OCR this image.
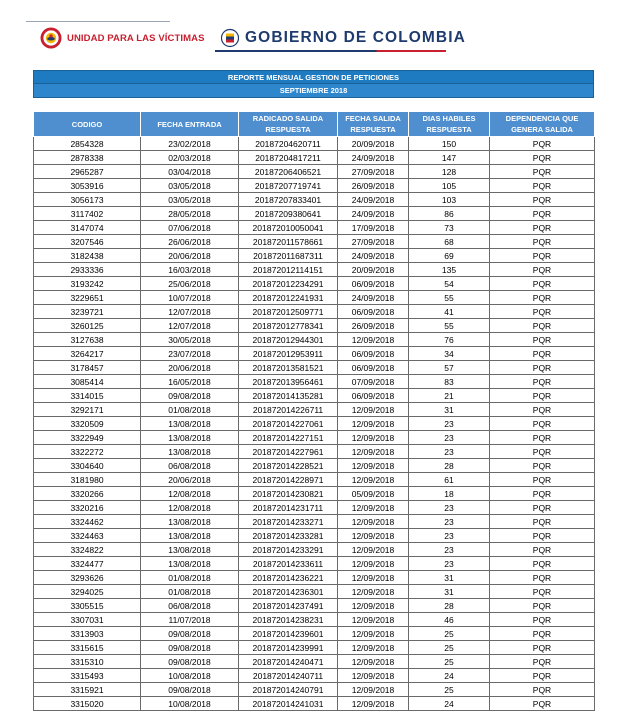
UNIDAD PARA LAS VÍCTIMAS	GOBIERNO DE COLOMBIA
REPORTE MENSUAL GESTION DE PETICIONES
SEPTIEMBRE 2018
CODIGO	FECHA ENTRADA	RADICADO SALIDA RESPUESTA	FECHA SALIDA RESPUESTA	DIAS HABILES RESPUESTA	DEPENDENCIA QUE GENERA SALIDA
2854328	23/02/2018	20187204620711	20/09/2018	150	PQR
2878338	02/03/2018	20187204817211	24/09/2018	147	PQR
2965287	03/04/2018	20187206406521	27/09/2018	128	PQR
3053916	03/05/2018	20187207719741	26/09/2018	105	PQR
3056173	03/05/2018	20187207833401	24/09/2018	103	PQR
3117402	28/05/2018	20187209380641	24/09/2018	86	PQR
3147074	07/06/2018	201872010050041	17/09/2018	73	PQR
3207546	26/06/2018	201872011578661	27/09/2018	68	PQR
3182438	20/06/2018	201872011687311	24/09/2018	69	PQR
2933336	16/03/2018	201872012114151	20/09/2018	135	PQR
3193242	25/06/2018	201872012234291	06/09/2018	54	PQR
3229651	10/07/2018	201872012241931	24/09/2018	55	PQR
3239721	12/07/2018	201872012509771	06/09/2018	41	PQR
3260125	12/07/2018	201872012778341	26/09/2018	55	PQR
3127638	30/05/2018	201872012944301	12/09/2018	76	PQR
3264217	23/07/2018	201872012953911	06/09/2018	34	PQR
3178457	20/06/2018	201872013581521	06/09/2018	57	PQR
3085414	16/05/2018	201872013956461	07/09/2018	83	PQR
3314015	09/08/2018	201872014135281	06/09/2018	21	PQR
3292171	01/08/2018	201872014226711	12/09/2018	31	PQR
3320509	13/08/2018	201872014227061	12/09/2018	23	PQR
3322949	13/08/2018	201872014227151	12/09/2018	23	PQR
3322272	13/08/2018	201872014227961	12/09/2018	23	PQR
3304640	06/08/2018	201872014228521	12/09/2018	28	PQR
3181980	20/06/2018	201872014228971	12/09/2018	61	PQR
3320266	12/08/2018	201872014230821	05/09/2018	18	PQR
3320216	12/08/2018	201872014231711	12/09/2018	23	PQR
3324462	13/08/2018	201872014233271	12/09/2018	23	PQR
3324463	13/08/2018	201872014233281	12/09/2018	23	PQR
3324822	13/08/2018	201872014233291	12/09/2018	23	PQR
3324477	13/08/2018	201872014233611	12/09/2018	23	PQR
3293626	01/08/2018	201872014236221	12/09/2018	31	PQR
3294025	01/08/2018	201872014236301	12/09/2018	31	PQR
3305515	06/08/2018	201872014237491	12/09/2018	28	PQR
3307031	11/07/2018	201872014238231	12/09/2018	46	PQR
3313903	09/08/2018	201872014239601	12/09/2018	25	PQR
3315615	09/08/2018	201872014239991	12/09/2018	25	PQR
3315310	09/08/2018	201872014240471	12/09/2018	25	PQR
3315493	10/08/2018	201872014240711	12/09/2018	24	PQR
3315921	09/08/2018	201872014240791	12/09/2018	25	PQR
3315020	10/08/2018	201872014241031	12/09/2018	24	PQR
